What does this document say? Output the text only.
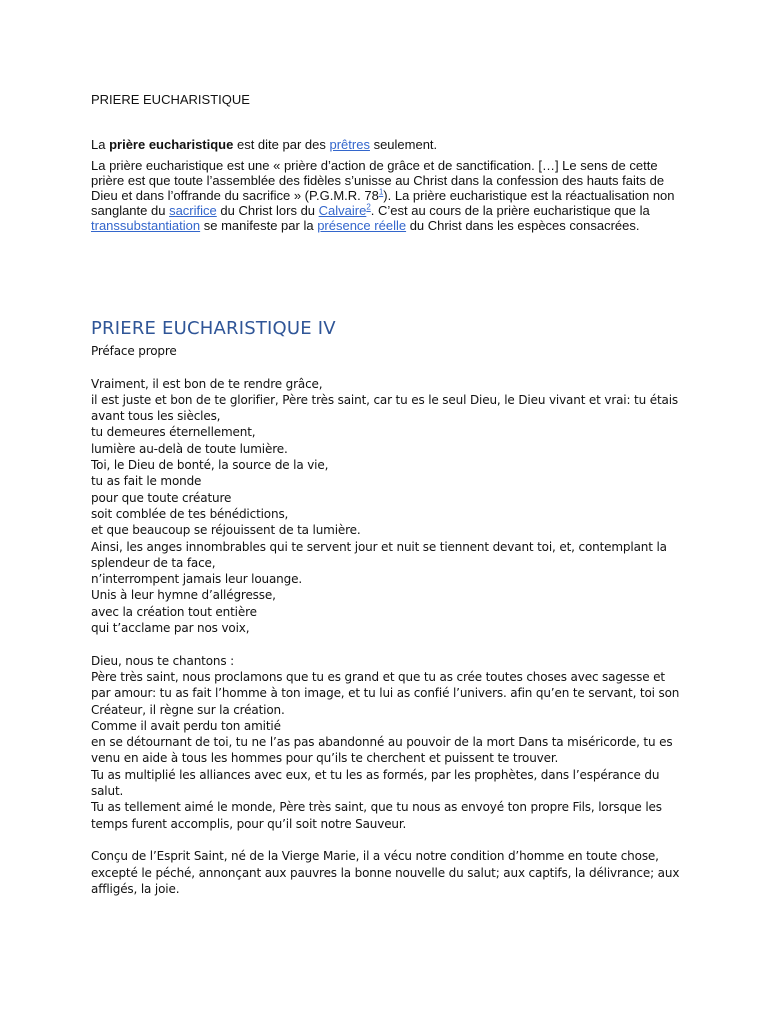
PRIERE EUCHARISTIQUE

La prière eucharistique est dite par des prêtres seulement.

La prière eucharistique est une « prière d’action de grâce et de sanctification. […] Le sens de cette prière est que toute l’assemblée des fidèles s’unisse au Christ dans la confession des hauts faits de Dieu et dans l’offrande du sacrifice » (P.G.M.R. 78$^1$). La prière eucharistique est la réactualisation non sanglante du sacrifice du Christ lors du Calvaire$^2$. C’est au cours de la prière eucharistique que la transsubstantiation se manifeste par la présence réelle du Christ dans les espèces consacrées.

PRIERE EUCHARISTIQUE IV
Préface propre
Vraiment, il est bon de te rendre grâce,
il est juste et bon de te glorifier, Père très saint, car tu es le seul Dieu, le Dieu vivant et vrai: tu étais avant tous les siècles,
tu demeures éternellement,
lumière au-delà de toute lumière.
Toi, le Dieu de bonté, la source de la vie,
tu as fait le monde
pour que toute créature
soit comblée de tes bénédictions,
et que beaucoup se réjouissent de ta lumière.
Ainsi, les anges innombrables qui te servent jour et nuit se tiennent devant toi, et, contemplant la splendeur de ta face,
n’interrompent jamais leur louange.
Unis à leur hymne d’allégresse,
avec la création tout entière
qui t’acclame par nos voix,
Dieu, nous te chantons :
Père très saint, nous proclamons que tu es grand et que tu as crée toutes choses avec sagesse et par amour: tu as fait l’homme à ton image, et tu lui as confié l’univers. afin qu’en te servant, toi son Créateur, il règne sur la création.
Comme il avait perdu ton amitié
en se détournant de toi, tu ne l’as pas abandonné au pouvoir de la mort Dans ta miséricorde, tu es venu en aide à tous les hommes pour qu’ils te cherchent et puissent te trouver.
Tu as multiplié les alliances avec eux, et tu les as formés, par les prophètes, dans l’espérance du salut.
Tu as tellement aimé le monde, Père très saint, que tu nous as envoyé ton propre Fils, lorsque les temps furent accomplis, pour qu’il soit notre Sauveur.
Conçu de l’Esprit Saint, né de la Vierge Marie, il a vécu notre condition d’homme en toute chose, excepté le péché, annonçant aux pauvres la bonne nouvelle du salut; aux captifs, la délivrance; aux affligés, la joie.
